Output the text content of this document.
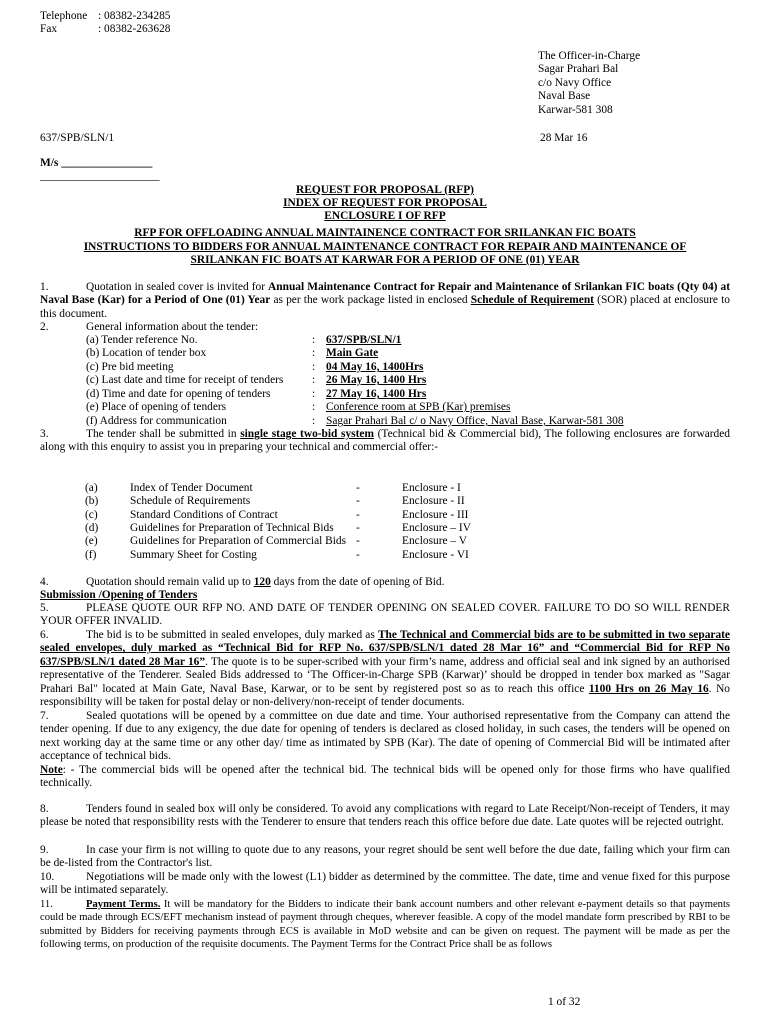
Telephone : 08382-234285
Fax	: 08382-263628
The Officer-in-Charge
Sagar Prahari Bal
c/o Navy Office
Naval Base
Karwar-581 308
637/SPB/SLN/1	28 Mar 16
M/s ________________
_____________________
REQUEST FOR PROPOSAL (RFP)
INDEX OF REQUEST FOR PROPOSAL
ENCLOSURE I OF RFP
RFP FOR OFFLOADING ANNUAL MAINTAINENCE CONTRACT FOR SRILANKAN FIC BOATS
INSTRUCTIONS TO BIDDERS FOR ANNUAL MAINTENANCE CONTRACT FOR REPAIR AND MAINTENANCE OF
SRILANKAN FIC BOATS AT KARWAR FOR A PERIOD OF ONE (01) YEAR
1.	Quotation in sealed cover is invited for Annual Maintenance Contract for Repair and Maintenance of Srilankan FIC boats (Qty 04) at Naval Base (Kar) for a Period of One (01) Year as per the work package listed in enclosed Schedule of Requirement (SOR) placed at enclosure to this document.
2.	General information about the tender:
(a) Tender reference No.	: 637/SPB/SLN/1
(b) Location of tender box	: Main Gate
(c) Pre bid meeting	: 04 May 16, 1400Hrs
(c) Last date and time for receipt of tenders	: 26 May 16, 1400 Hrs
(d) Time and date for opening of tenders	: 27 May 16, 1400 Hrs
(e) Place of opening of tenders	: Conference room at SPB (Kar) premises
(f) Address for communication	: Sagar Prahari Bal c/ o Navy Office, Naval Base, Karwar-581 308
3.	The tender shall be submitted in single stage two-bid system (Technical bid & Commercial bid), The following enclosures are forwarded along with this enquiry to assist you in preparing your technical and commercial offer:-
(a)	Index of Tender Document	-	Enclosure - I
(b)	Schedule of Requirements	-	Enclosure - II
(c)	Standard Conditions of Contract	-	Enclosure - III
(d)	Guidelines for Preparation of Technical Bids -	Enclosure – IV
(e)	Guidelines for Preparation of Commercial Bids -	Enclosure – V
(f)	Summary Sheet for Costing	-	Enclosure - VI
4.	Quotation should remain valid up to 120 days from the date of opening of Bid.
Submission /Opening of Tenders
5.	PLEASE QUOTE OUR RFP NO. AND DATE OF TENDER OPENING ON SEALED COVER. FAILURE TO DO SO WILL RENDER YOUR OFFER INVALID.
6.	The bid is to be submitted in sealed envelopes, duly marked as The Technical and Commercial bids are to be submitted in two separate sealed envelopes, duly marked as “Technical Bid for RFP No. 637/SPB/SLN/1 dated 28 Mar 16” and “Commercial Bid for RFP No 637/SPB/SLN/1 dated 28 Mar 16”. The quote is to be super-scribed with your firm’s name, address and official seal and ink signed by an authorised representative of the Tenderer. Sealed Bids addressed to ‘The Officer-in-Charge SPB (Karwar)’ should be dropped in tender box marked as "Sagar Prahari Bal" located at Main Gate, Naval Base, Karwar, or to be sent by registered post so as to reach this office 1100 Hrs on 26 May 16. No responsibility will be taken for postal delay or non-delivery/non-receipt of tender documents.
7.	Sealed quotations will be opened by a committee on due date and time. Your authorised representative from the Company can attend the tender opening. If due to any exigency, the due date for opening of tenders is declared as closed holiday, in such cases, the tenders will be opened on next working day at the same time or any other day/ time as intimated by SPB (Kar). The date of opening of Commercial Bid will be intimated after acceptance of technical bids.
Note: - The commercial bids will be opened after the technical bid. The technical bids will be opened only for those firms who have qualified technically.
8.	Tenders found in sealed box will only be considered. To avoid any complications with regard to Late Receipt/Non-receipt of Tenders, it may please be noted that responsibility rests with the Tenderer to ensure that tenders reach this office before due date. Late quotes will be rejected outright.
9.	In case your firm is not willing to quote due to any reasons, your regret should be sent well before the due date, failing which your firm can be de-listed from the Contractor's list.
10.	Negotiations will be made only with the lowest (L1) bidder as determined by the committee. The date, time and venue fixed for this purpose will be intimated separately.
11.	Payment Terms. It will be mandatory for the Bidders to indicate their bank account numbers and other relevant e-payment details so that payments could be made through ECS/EFT mechanism instead of payment through cheques, wherever feasible. A copy of the model mandate form prescribed by RBI to be submitted by Bidders for receiving payments through ECS is available in MoD website and can be given on request. The payment will be made as per the following terms, on production of the requisite documents. The Payment Terms for the Contract Price shall be as follows
1 of 32
